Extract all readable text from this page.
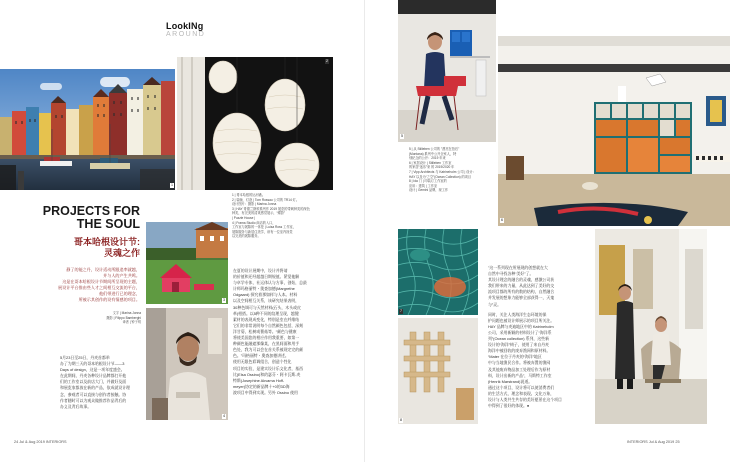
LookINg
AROUND
1
2
1 | 哥本哈根的运河港。
2 | 装帧、灯泡 | Tom Rossau 公司的 TR14 灯。
设计图片：摄影 | Marina Jonna
3 | HAY 哥德兰斯顿系列作 2019 展览的带刺种类的深色
种类，有完美的清爽感觉展示，“蝶影”
| Puzzle House |
4 | Frama Studio 商店的入口，
工作室与展陈的一体是 | Luisa Ross 工作室，
展陈服务与新居住美学，该有一位室内视觉
以完美的展陈服务。
PROJECTS FOR THE SOUL
哥本哈根设计节:
灵魂之作
静了的能之丹，设计适动所跟追率就越，
并与人的产生共鸣。
这是在哥本哈根设计节期间所呈现的主题，
展设计平台推由些人才之间相互交流的平台，
他们带进行已的理念，
所被示其创作的设有情感的项目。	3
文字 | Marina Jonna
摄影 | Filippo Bamberghi
译者 | 钟子玥
4
5月23日至25日，丹麦首都举
办了为期三天的哥本哈根设计节——3
Days of design，这是一项年度盛会。
在此期间，丹麦各种设计品牌都打开他
们的工作室以及前店大门，并做好及面
和展览家都放在新的产品，依成就设计理
念，参观者可以直接与创作者接触。协
作者随时可以为观众做推荐作品背后的
办义及背后故事。
在夏的设计展期中，设计并将请
的价值和还经超越日期规值。紧觉他解
与卓学专体，社运体认与方事，创始，总最
计师玛格丽特・奥查加德(Margrethe
Odgaard) 探究着那如样与人本。材料
以及空间相互关系，该研究结果表明，
30种色调可与天然材料(石头，木头或皮
革)相搭。以5种不同的纹理呈现，越键
素材的表现成变化，特别是室在纤维结
它们的非常说明每个自然颜色包括，深刻
洋甘菊，松树或薯菇等。“颜色与健康
将使美国您的相应作用我重要，如第一
种颜色能融遮那像某，在黑间面和用手
色处，我为可以会在首关系被现定完的颜
色。”玛格丽特・奥查加德讲述。
使用无限色彩调组合，创造个性化
项目的实验，是建实设计乐文化者，基西
比(Elsa Ossino)和约瑟芬・阿卡瓦斯-麦
特斯(Josephine Akvama Hoff-
meyer)协定的新品牌十+0的3D海
波项目中得到实现。另外 Ossino 使用
24 Jul & Aug 2019 INTERIORS
5
6
5 | 从 Stilleben 公司的 "漂亮在拍后"
(Montana) 系列中公开全家人，特
别纪念的公开：2019 年来
6 | 家居设计 | Stilleben 工作室
的家居“迷乐”来 的 2019/2020 年
7 | Vipp Architects 与 Katrineholm 公司 | 设计：
HAY 以及为“之空”(Ocean Collection) 的项目
8 | Ida 门 | 印装订工作室的
应用：建筑 | 工作室
设计 | Gemini 品牌，现工作
7
8
"这一系列现在所展现的创想就在大
自然中寻找各种“美好”了。
其设计理念的融合的灵魂，感激公司获
我们带来的力量，从此达到了美好的交
流项目都的所有的数的结构，自然融合
并发展的想象力能够全部获得一，天鬼
与”灵。
同时，关注人类海洋生态环境的保
护问题也被设计师展示的项目所关注。
HAY 品牌与麦迪地区中的 Katrineholm
公司，采用新颖的材料设计了“海洋系
列”(Ocean collection) 系列，这些新
设计的“海洋”椅子，使用了来自丹麦
海洋中被回收的废弃渔网和原材料。
“Mater 在位于丹麦的“海洋”地区
中与当地渔民合作。将被弃置的渔网
及其他废弃物品加工处理后作为原材
料，设计出新的产品”，马斯特工作室
(Henrik Marstrand)说道。
通过这个项目，设计将可以使消费者们
的生活方式，理念和表现。文化万象，
设计与人类共生共存的美好愿景在这个项目
中得到了很好的体现。●
INTERIORS Jul & Aug 2019 25
